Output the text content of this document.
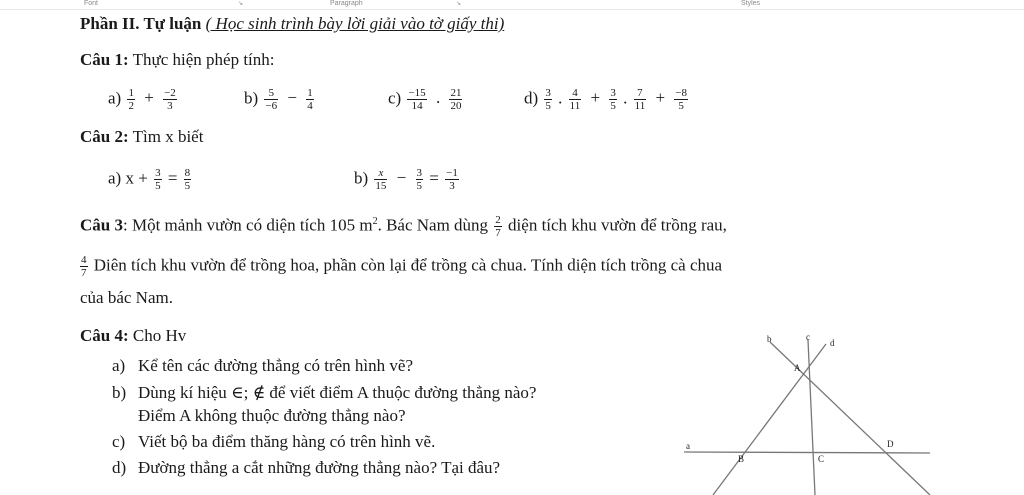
Font	↘	Paragraph	↘	Styles
Phần II. Tự luận ( Học sinh trình bày lời giải vào tờ giấy thi)
Câu 1: Thực hiện phép tính:
$a) \frac{1}{2} + \frac{-2}{3}$	$b) \frac{5}{-6} - \frac{1}{4}$	$c) \frac{-15}{14}$ . $\frac{21}{20}$	$d) \frac{3}{5}$ . $\frac{4}{11} + \frac{3}{5}$ . $\frac{7}{11} + \frac{-8}{5}$
Câu 2: Tìm x biết
a) $x + \frac{3}{5} = \frac{8}{5}$	$b) \frac{x}{15} - \frac{3}{5} = \frac{-1}{3}$
Câu 3: Một mảnh vườn có diện tích 105 $m^2$. Bác Nam dùng $\frac{2}{7}$ diện tích khu vườn để trồng rau,
$\frac{4}{7}$ Diên tích khu vườn để trồng hoa, phần còn lại để trồng cà chua. Tính diện tích trồng cà chua
của bác Nam.
Câu 4: Cho Hv
a) Kể tên các đường thẳng có trên hình vẽ?
b) Dùng kí hiệu ∈; ∉ để viết điểm A thuộc đường thẳng nào?
Điểm A không thuộc đường thẳng nào?
c) Viết bộ ba điểm thăng hàng có trên hình vẽ.
d) Đường thẳng a cắt những đường thẳng nào? Tại đâu?
b	c
d
A
a
B	C
D
